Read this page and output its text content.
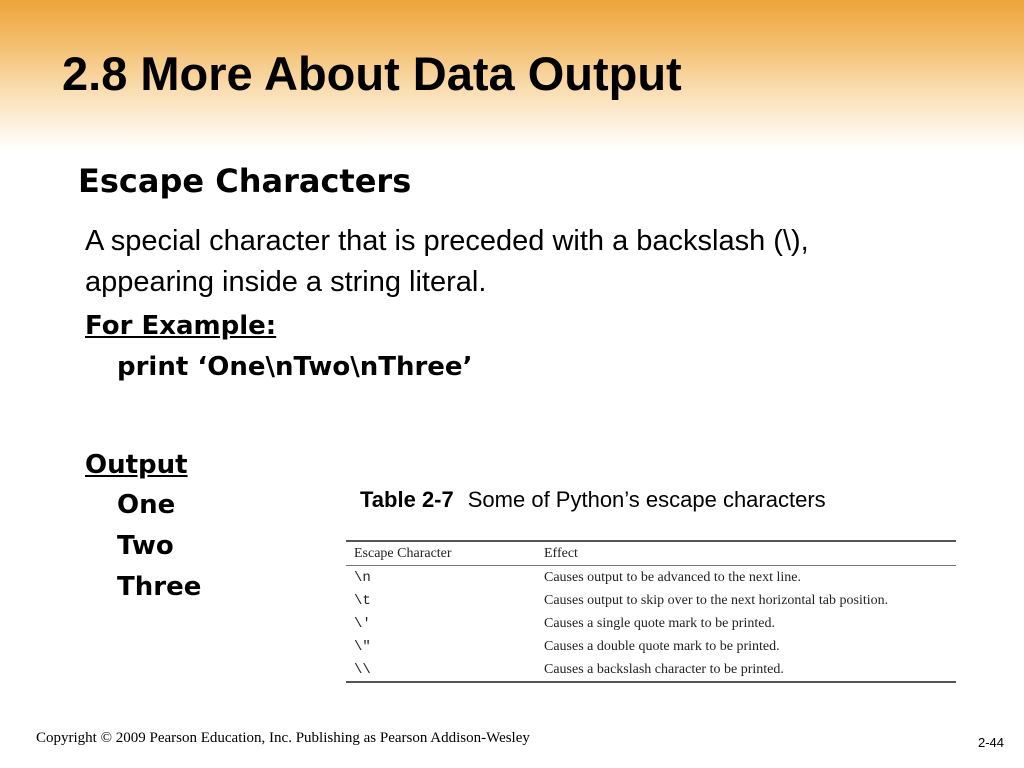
2.8 More About Data Output
Escape Characters
A special character that is preceded with a backslash (\),
appearing inside a string literal.
For Example:
print ‘One\nTwo\nThree’
Output
One
Two
Three
Table 2-7 Some of Python’s escape characters
Escape Character	Effect
\n	Causes output to be advanced to the next line.
\t	Causes output to skip over to the next horizontal tab position.
\'	Causes a single quote mark to be printed.
\"	Causes a double quote mark to be printed.
\\	Causes a backslash character to be printed.
Copyright © 2009 Pearson Education, Inc. Publishing as Pearson Addison-Wesley	2-44
